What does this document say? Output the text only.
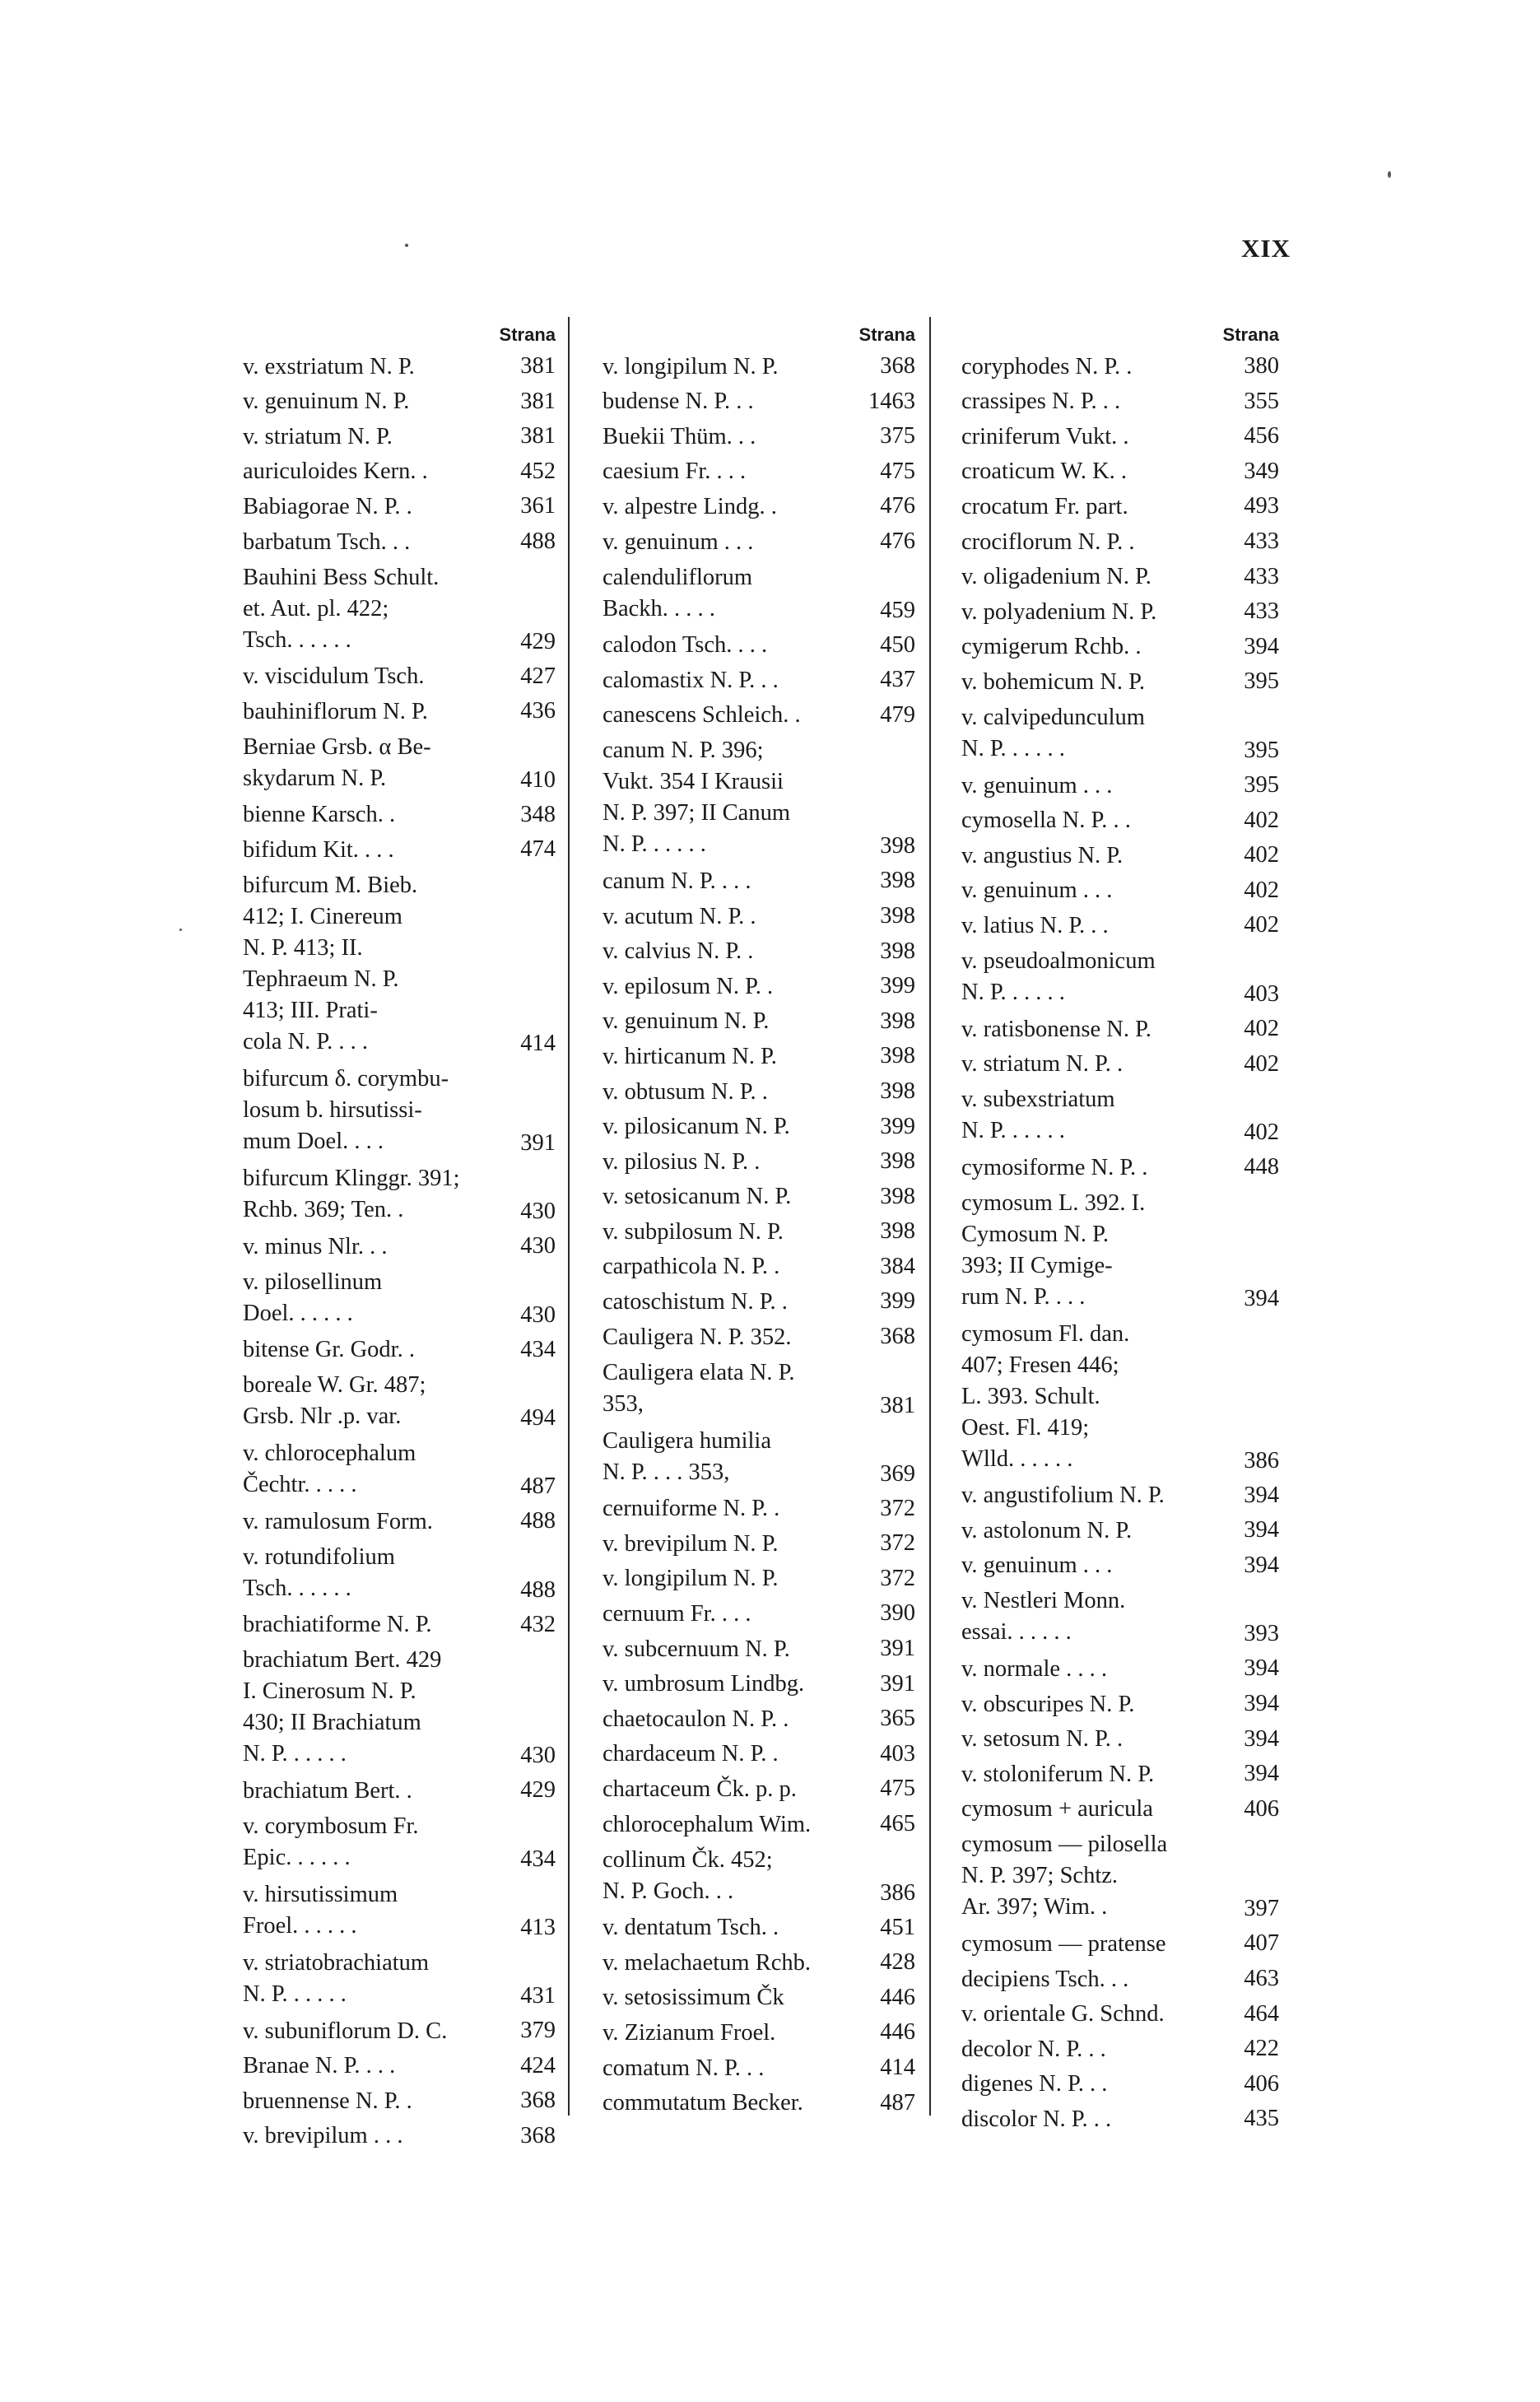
XIX
Strana
v. exstriatum N. P.	381
v. genuinum N. P.	381
v. striatum N. P.	381
auriculoides Kern. .	452
Babiagorae N. P. .	361
barbatum Tsch. . .	488
Bauhini Bess Schult.
et. Aut. pl. 422;
Tsch. . . . . .	429
v. viscidulum Tsch.	427
bauhiniflorum N. P.	436
Berniae Grsb. α Be-
skydarum N. P.	410
bienne Karsch. .	348
bifidum Kit. . . .	474
bifurcum M. Bieb.
412; I. Cinereum
N. P. 413; II.
Tephraeum N. P.
413; III. Prati-
cola N. P. . . .	414
bifurcum δ. corymbu-
losum b. hirsutissi-
mum Doel. . . .	391
bifurcum Klinggr. 391;
Rchb. 369; Ten. .	430
v. minus Nlr. . .	430
v. pilosellinum
Doel. . . . . .	430
bitense Gr. Godr. .	434
boreale W. Gr. 487;
Grsb. Nlr .p. var.	494
v. chlorocephalum
Čechtr. . . . .	487
v. ramulosum Form.	488
v. rotundifolium
Tsch. . . . . .	488
brachiatiforme N. P.	432
brachiatum Bert. 429
I. Cinerosum N. P.
430; II Brachiatum
N. P. . . . . .	430
brachiatum Bert. .	429
v. corymbosum Fr.
Epic. . . . . .	434
v. hirsutissimum
Froel. . . . . .	413
v. striatobrachiatum
N. P. . . . . .	431
v. subuniflorum D. C.	379
Branae N. P. . . .	424
bruennense N. P. .	368
v. brevipilum . . .	368
Strana
v. longipilum N. P.	368
budense N. P. . .	1463
Buekii Thüm. . .	375
caesium Fr. . . .	475
v. alpestre Lindg. .	476
v. genuinum . . .	476
calenduliflorum
Backh. . . . .	459
calodon Tsch. . . .	450
calomastix N. P. . .	437
canescens Schleich. .	479
canum N. P. 396;
Vukt. 354 I Krausii
N. P. 397; II Canum
N. P. . . . . .	398
canum N. P. . . .	398
v. acutum N. P. .	398
v. calvius N. P. .	398
v. epilosum N. P. .	399
v. genuinum N. P.	398
v. hirticanum N. P.	398
v. obtusum N. P. .	398
v. pilosicanum N. P.	399
v. pilosius N. P. .	398
v. setosicanum N. P.	398
v. subpilosum N. P.	398
carpathicola N. P. .	384
catoschistum N. P. .	399
Cauligera N. P. 352.	368
Cauligera elata N. P.
353,	381
Cauligera humilia
N. P. . . . 353,	369
cernuiforme N. P. .	372
v. brevipilum N. P.	372
v. longipilum N. P.	372
cernuum Fr. . . .	390
v. subcernuum N. P.	391
v. umbrosum Lindbg.	391
chaetocaulon N. P. .	365
chardaceum N. P. .	403
chartaceum Čk. p. p.	475
chlorocephalum Wim.	465
collinum Čk. 452;
N. P. Goch. . .	386
v. dentatum Tsch. .	451
v. melachaetum Rchb.	428
v. setosissimum Čk	446
v. Zizianum Froel.	446
comatum N. P. . .	414
commutatum Becker.	487
Strana
coryphodes N. P. .	380
crassipes N. P. . .	355
criniferum Vukt. .	456
croaticum W. K. .	349
crocatum Fr. part.	493
crociflorum N. P. .	433
v. oligadenium N. P.	433
v. polyadenium N. P.	433
cymigerum Rchb. .	394
v. bohemicum N. P.	395
v. calvipedunculum
N. P. . . . . .	395
v. genuinum . . .	395
cymosella N. P. . .	402
v. angustius N. P.	402
v. genuinum . . .	402
v. latius N. P. . .	402
v. pseudoalmonicum
N. P. . . . . .	403
v. ratisbonense N. P.	402
v. striatum N. P. .	402
v. subexstriatum
N. P. . . . . .	402
cymosiforme N. P. .	448
cymosum L. 392. I.
Cymosum N. P.
393; II Cymige-
rum N. P. . . .	394
cymosum Fl. dan.
407; Fresen 446;
L. 393. Schult.
Oest. Fl. 419;
Wlld. . . . . .	386
v. angustifolium N. P.	394
v. astolonum N. P.	394
v. genuinum . . .	394
v. Nestleri Monn.
essai. . . . . .	393
v. normale . . . .	394
v. obscuripes N. P.	394
v. setosum N. P. .	394
v. stoloniferum N. P.	394
cymosum + auricula	406
cymosum — pilosella
N. P. 397; Schtz.
Ar. 397; Wim. .	397
cymosum — pratense	407
decipiens Tsch. . .	463
v. orientale G. Schnd.	464
decolor N. P. . .	422
digenes N. P. . .	406
discolor N. P. . .	435
